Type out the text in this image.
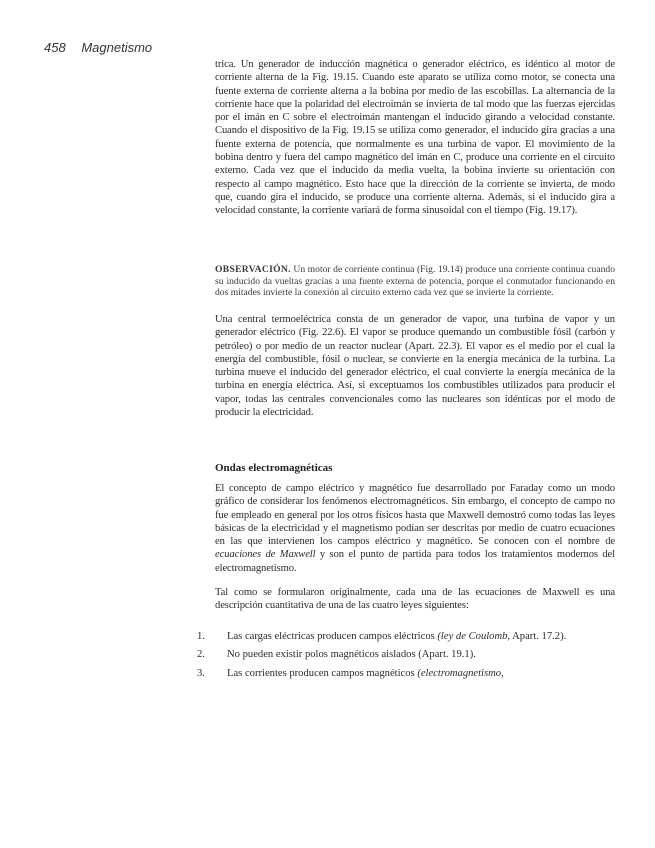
458 Magnetismo

trica. Un generador de inducción magnética o generador eléctrico, es idéntico al motor de corriente alterna de la Fig. 19.15. Cuando este aparato se utiliza como motor, se conecta una fuente externa de corriente alterna a la bobina por medio de las escobillas. La alternancia de la corriente hace que la polaridad del electroimán se invierta de tal modo que las fuerzas ejercidas por el imán en C sobre el electroimán mantengan el inducido girando a velocidad constante. Cuando el dispositivo de la Fig. 19.15 se utiliza como generador, el inducido gira gracias a una fuente externa de potencia, que normalmente es una turbina de vapor. El movimiento de la bobina dentro y fuera del campo magnético del imán en C, produce una corriente en el circuito externo. Cada vez que el inducido da media vuelta, la bobina invierte su orientación con respecto al campo magnético. Esto hace que la dirección de la corriente se invierta, de modo que, cuando gira el inducido, se produce una corriente alterna. Además, si el inducido gira a velocidad constante, la corriente variará de forma sinusoidal con el tiempo (Fig. 19.17).

OBSERVACIÓN. Un motor de corriente continua (Fig. 19.14) produce una corriente continua cuando su inducido da vueltas gracias a una fuente externa de potencia, porque el conmutador funcionando en dos mitades invierte la conexión al circuito externo cada vez que se invierte la corriente.

Una central termoeléctrica consta de un generador de vapor, una turbina de vapor y un generador eléctrico (Fig. 22.6). El vapor se produce quemando un combustible fósil (carbón y petróleo) o por medio de un reactor nuclear (Apart. 22.3). El vapor es el medio por el cual la energía del combustible, fósil o nuclear, se convierte en la energía mecánica de la turbina. La turbina mueve el inducido del generador eléctrico, el cual convierte la energía mecánica de la turbina en energía eléctrica. Así, si exceptuamos los combustibles utilizados para producir el vapor, todas las centrales convencionales como las nucleares son idénticas por el modo de producir la electricidad.

Ondas electromagnéticas

El concepto de campo eléctrico y magnético fue desarrollado por Faraday como un modo gráfico de considerar los fenómenos electromagnéticos. Sin embargo, el concepto de campo no fue empleado en general por los otros físicos hasta que Maxwell demostró como todas las leyes básicas de la electricidad y el magnetismo podían ser descritas por medio de cuatro ecuaciones en las que intervienen los campos eléctrico y magnético. Se conocen con el nombre de ecuaciones de Maxwell y son el punto de partida para todos los tratamientos modernos del electromagnetismo.

Tal como se formularon originalmente, cada una de las ecuaciones de Maxwell es una descripción cuantitativa de una de las cuatro leyes siguientes:

1.	Las cargas eléctricas producen campos eléctricos (ley de Coulomb, Apart. 17.2).
2.	No pueden existir polos magnéticos aislados (Apart. 19.1).
3.	Las corrientes producen campos magnéticos (electromagnetismo,
